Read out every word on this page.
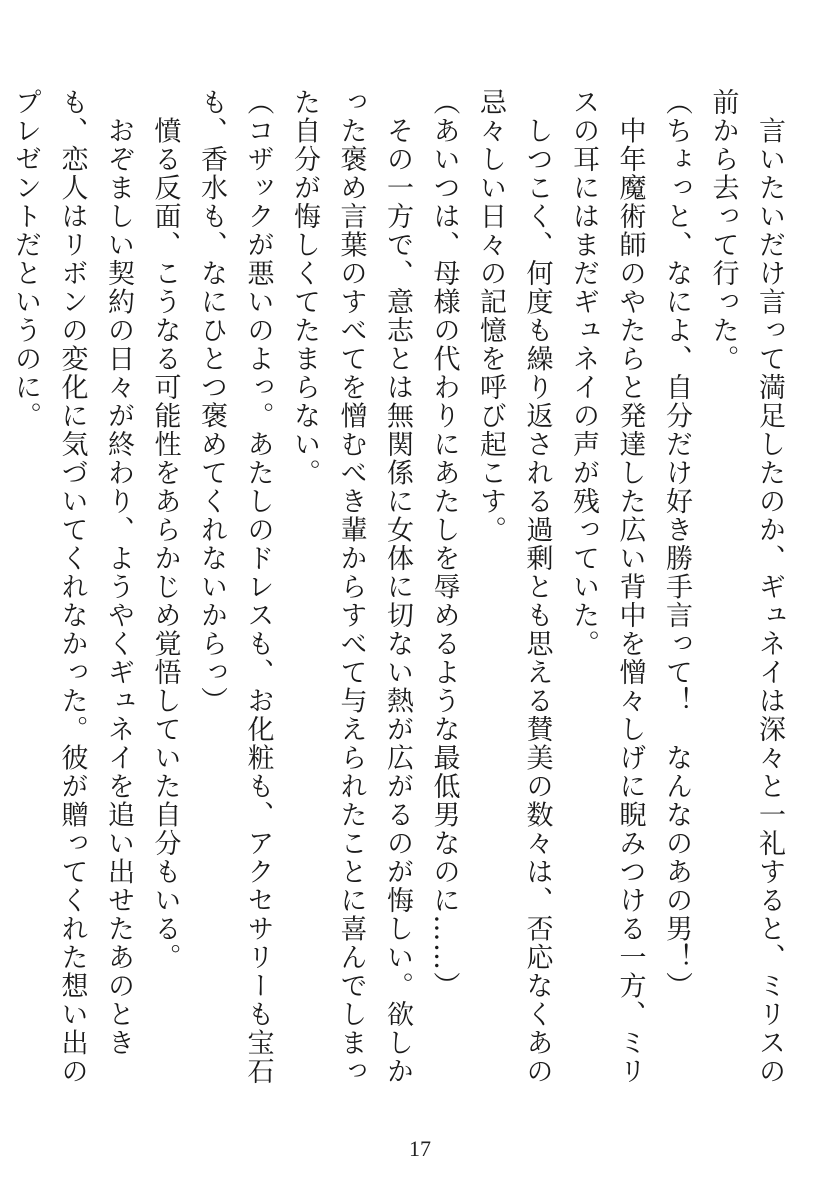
　言いたいだけ言って満足したのか、ギュネイは深々と一礼すると、ミリスの前から去って行った。

（ちょっと、なによ、自分だけ好き勝手言って！　なんなのあの男！）

　中年魔術師のやたらと発達した広い背中を憎々しげに睨みつける一方、ミリスの耳にはまだギュネイの声が残っていた。

　しつこく、何度も繰り返される過剰とも思える賛美の数々は、否応なくあの忌々しい日々の記憶を呼び起こす。

（あいつは、母様の代わりにあたしを辱めるような最低男なのに……）

　その一方で、意志とは無関係に女体に切ない熱が広がるのが悔しい。欲しかった褒め言葉のすべてを憎むべき輩からすべて与えられたことに喜んでしまった自分が悔しくてたまらない。

（コザックが悪いのよっ。あたしのドレスも、お化粧も、アクセサリーも宝石も、香水も、なにひとつ褒めてくれないからっ）

　憤る反面、こうなる可能性をあらかじめ覚悟していた自分もいる。

　おぞましい契約の日々が終わり、ようやくギュネイを追い出せたあのときも、恋人はリボンの変化に気づいてくれなかった。彼が贈ってくれた想い出のプレゼントだというのに。

17
